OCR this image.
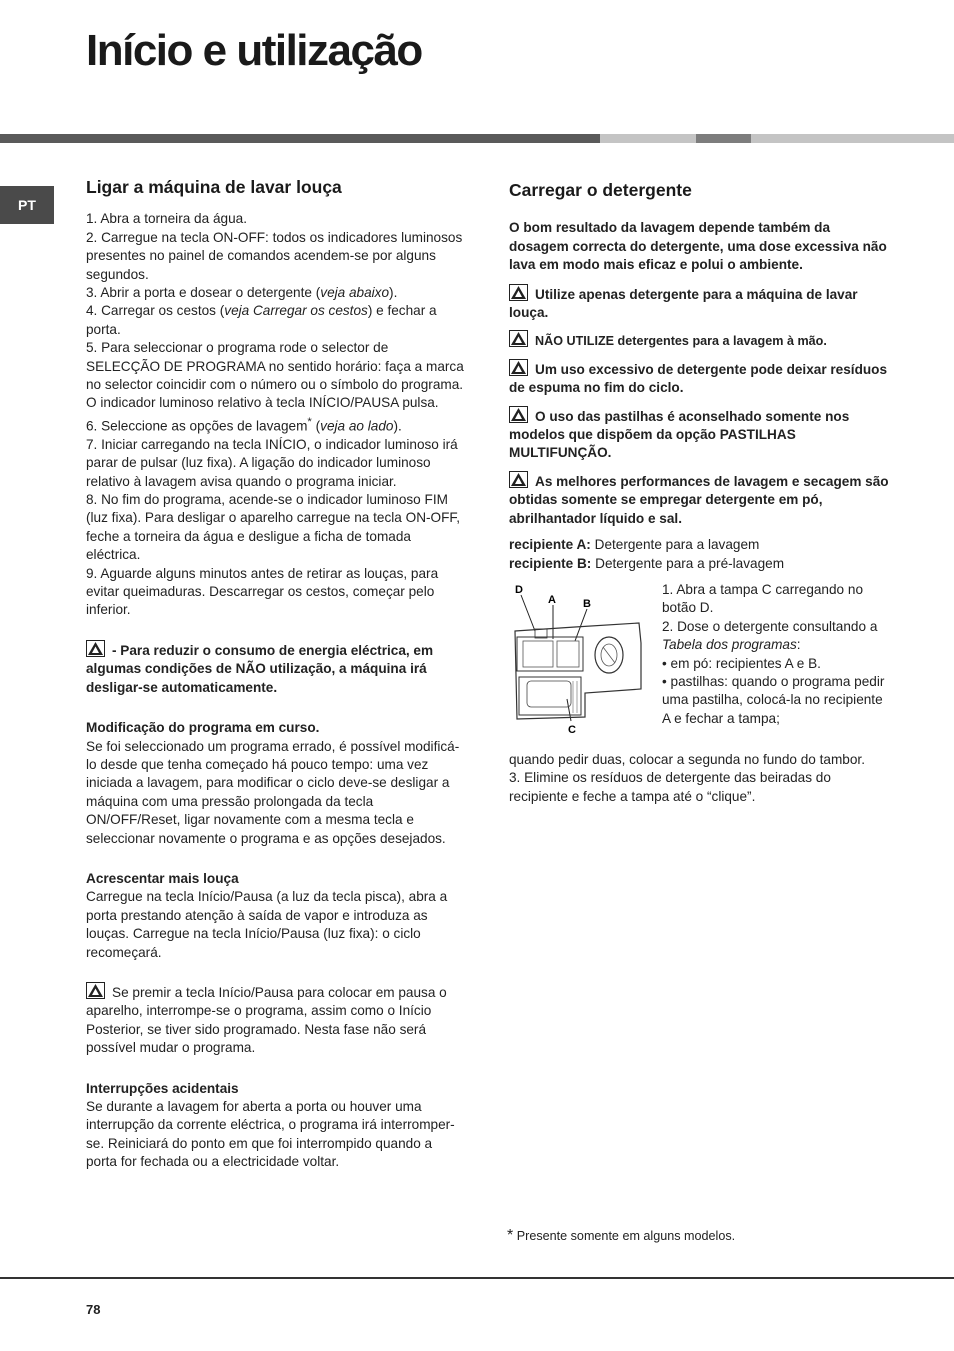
Início e utilização
PT
Ligar a máquina de lavar louça
1. Abra a torneira da água.
2. Carregue na tecla ON-OFF: todos os indicadores luminosos presentes no painel de comandos acendem-se por alguns segundos.
3. Abrir a porta e dosear o detergente (veja abaixo).
4. Carregar os cestos (veja Carregar os cestos) e fechar a porta.
5. Para seleccionar o programa rode o selector de SELECÇÃO DE PROGRAMA no sentido horário: faça a marca no selector coincidir com o número ou o símbolo do programa. O indicador luminoso relativo à tecla INÍCIO/PAUSA pulsa.
6. Seleccione as opções de lavagem* (veja ao lado).
7. Iniciar carregando na tecla INÍCIO, o indicador luminoso irá parar de pulsar (luz fixa). A ligação do indicador luminoso relativo à lavagem avisa quando o programa iniciar.
8. No fim do programa, acende-se o indicador luminoso FIM (luz fixa). Para desligar o aparelho carregue na tecla ON-OFF, feche a torneira da água e desligue a ficha de tomada eléctrica.
9. Aguarde alguns minutos antes de retirar as louças, para evitar queimaduras. Descarregar os cestos, começar pelo inferior.

- Para reduzir o consumo de energia eléctrica, em algumas condições de NÃO utilização, a máquina irá desligar-se automaticamente.

Modificação do programa em curso.

Se foi seleccionado um programa errado, é possível modificá-lo desde que tenha começado há pouco tempo: uma vez iniciada a lavagem, para modificar o ciclo deve-se desligar a máquina com uma pressão prolongada da tecla ON/OFF/Reset, ligar novamente com a mesma tecla e seleccionar novamente o programa e as opções desejados.

Acrescentar mais louça

Carregue na tecla Início/Pausa (a luz da tecla pisca), abra a porta prestando atenção à saída de vapor e introduza as louças. Carregue na tecla Início/Pausa (luz fixa): o ciclo recomeçará.

Se premir a tecla Início/Pausa para colocar em pausa o aparelho, interrompe-se o programa, assim como o Início Posterior, se tiver sido programado. Nesta fase não será possível mudar o programa.

Interrupções acidentais

Se durante a lavagem for aberta a porta ou houver uma interrupção da corrente eléctrica, o programa irá interromper-se. Reiniciará do ponto em que foi interrompido quando a porta for fechada ou a electricidade voltar.

Carregar o detergente

O bom resultado da lavagem depende também da dosagem correcta do detergente, uma dose excessiva não lava em modo mais eficaz e polui o ambiente.

Utilize apenas detergente para a máquina de lavar louça.

NÃO UTILIZE detergentes para a lavagem à mão.

Um uso excessivo de detergente pode deixar resíduos de espuma no fim do ciclo.

O uso das pastilhas é aconselhado somente nos modelos que dispõem da opção PASTILHAS MULTIFUNÇÃO.

As melhores performances de lavagem e secagem são obtidas somente se empregar detergente em pó, abrilhantador líquido e sal.

recipiente A: Detergente para a lavagem

recipiente B: Detergente para a pré-lavagem

D
A B
C

1. Abra a tampa C carregando no botão D.

2. Dose o detergente consultando a Tabela dos programas:

• em pó: recipientes A e B.

• pastilhas: quando o programa pedir uma pastilha, colocá-la no recipiente A e fechar a tampa;

quando pedir duas, colocar a segunda no fundo do tambor.

3. Elimine os resíduos de detergente das beiradas do recipiente e feche a tampa até o “clique”.

* Presente somente em alguns modelos.
78
